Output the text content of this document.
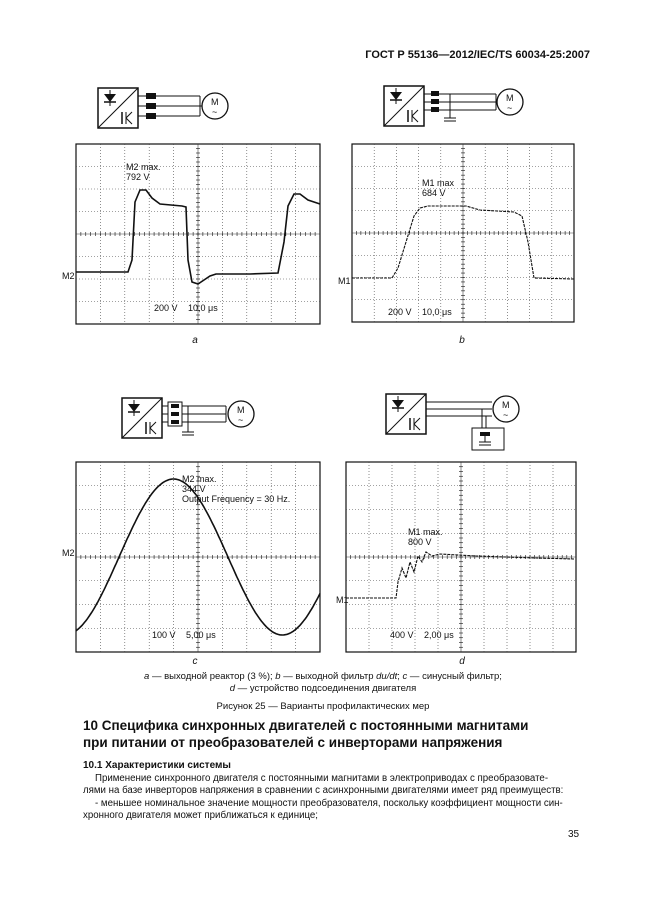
ГОСТ Р 55136—2012/IEC/TS 60034-25:2007
M
~
M2 max.
792 V
M2
200 V 10,0 μs
a
M
~
M1 max
684 V
M1
200 V 10,0 μs
b
M
~
M2 max.
344 V
Output Frequency = 30 Hz.
M2
100 V 5,00 μs
c
M
~
M1 max.
800 V
M1
400 V 2,00 μs
d
a — выходной реактор (3 %); b — выходной фильтр du/dt; c — синусный фильтр;
d — устройство подсоединения двигателя
Рисунок 25 — Варианты профилактических мер
10 Специфика синхронных двигателей с постоянными магнитами
при питании от преобразователей с инверторами напряжения
10.1 Характеристики системы

Применение синхронного двигателя с постоянными магнитами в электроприводах с преобразовате-

лями на базе инверторов напряжения в сравнении с асинхронными двигателями имеет ряд преимуществ:

- меньшее номинальное значение мощности преобразователя, поскольку коэффициент мощности син-

хронного двигателя может приближаться к единице;

35
